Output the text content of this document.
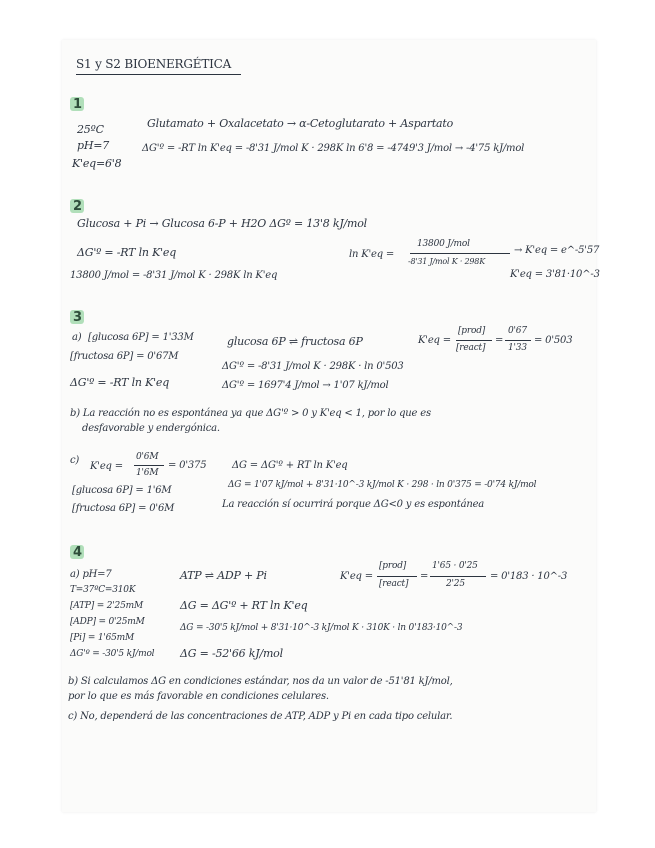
S1 y S2 BIOENERGÉTICA
1
25ºC	Glutamato + Oxalacetato → α-Cetoglutarato + Aspartato
pH=7	ΔG'º = -RT ln K'eq = -8'31 J/mol K · 298K ln 6'8 = -4749'3 J/mol → -4'75 kJ/mol
K'eq=6'8
2
Glucosa + Pi → Glucosa 6-P + H2O ΔGº = 13'8 kJ/mol
ΔG'º = -RT ln K'eq
13800 J/mol = -8'31 J/mol K · 298K ln K'eq
ln K'eq =
13800 J/mol
-8'31 J/mol K · 298K
→ K'eq = e^-5'57
K'eq = 3'81·10^-3
3
a) [glucosa 6P] = 1'33M	glucosa 6P ⇌ fructosa 6P	K'eq =
[prod]
[react]
=
0'67
1'33
= 0'503
[fructosa 6P] = 0'67M
ΔG'º = -8'31 J/mol K · 298K · ln 0'503
ΔG'º = -RT ln K'eq	ΔG'º = 1697'4 J/mol → 1'07 kJ/mol
b) La reacción no es espontánea ya que ΔG'º > 0 y K'eq < 1, por lo que es
desfavorable y endergónica.
c)
K'eq =
0'6M
1'6M
= 0'375	ΔG = ΔG'º + RT ln K'eq
ΔG = 1'07 kJ/mol + 8'31·10^-3 kJ/mol K · 298 · ln 0'375 = -0'74 kJ/mol
[glucosa 6P] = 1'6M
La reacción sí ocurrirá porque ΔG<0 y es espontánea
[fructosa 6P] = 0'6M
4
a) pH=7	ATP ⇌ ADP + Pi	K'eq =
[prod]
[react]
=
1'65 · 0'25
2'25
= 0'183 · 10^-3
T=37ºC=310K
[ATP] = 2'25mM	ΔG = ΔG'º + RT ln K'eq
[ADP] = 0'25mM
ΔG = -30'5 kJ/mol + 8'31·10^-3 kJ/mol K · 310K · ln 0'183·10^-3
[Pi] = 1'65mM
ΔG = -52'66 kJ/mol
ΔG'º = -30'5 kJ/mol
b) Si calculamos ΔG en condiciones estándar, nos da un valor de -51'81 kJ/mol,
por lo que es más favorable en condiciones celulares.
c) No, dependerá de las concentraciones de ATP, ADP y Pi en cada tipo celular.
